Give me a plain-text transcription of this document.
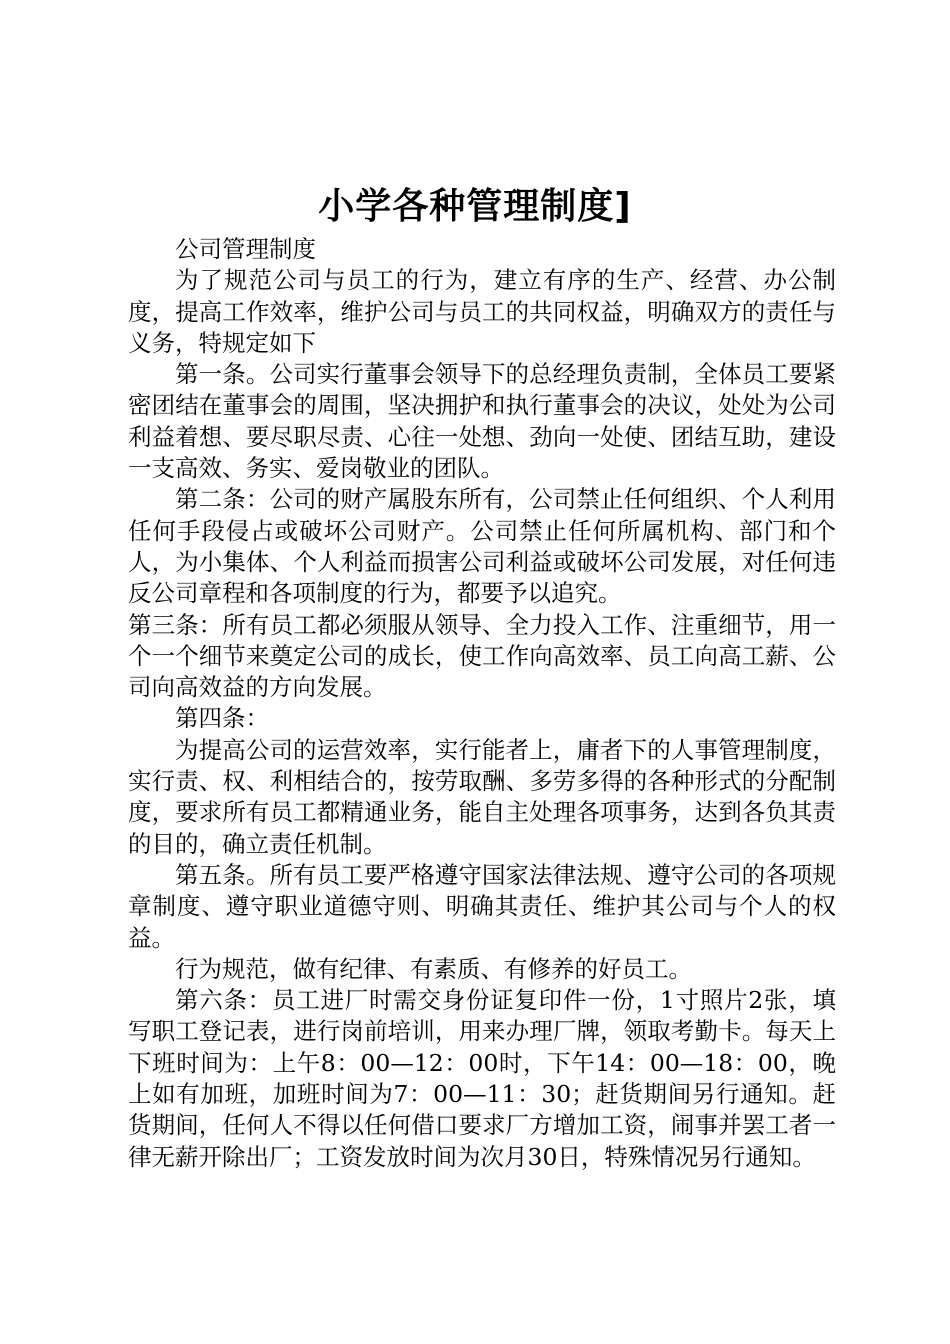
小学各种管理制度]

公司管理制度

为了规范公司与员工的行为，建立有序的生产、经营、办公制度，提高工作效率，维护公司与员工的共同权益，明确双方的责任与义务，特规定如下

第一条。公司实行董事会领导下的总经理负责制，全体员工要紧密团结在董事会的周围，坚决拥护和执行董事会的决议，处处为公司利益着想、要尽职尽责、心往一处想、劲向一处使、团结互助，建设一支高效、务实、爱岗敬业的团队。

第二条：公司的财产属股东所有，公司禁止任何组织、个人利用任何手段侵占或破坏公司财产。公司禁止任何所属机构、部门和个人，为小集体、个人利益而损害公司利益或破坏公司发展，对任何违反公司章程和各项制度的行为，都要予以追究。

第三条：所有员工都必须服从领导、全力投入工作、注重细节，用一个一个细节来奠定公司的成长，使工作向高效率、员工向高工薪、公司向高效益的方向发展。

第四条：

为提高公司的运营效率，实行能者上，庸者下的人事管理制度，实行责、权、利相结合的，按劳取酬、多劳多得的各种形式的分配制度，要求所有员工都精通业务，能自主处理各项事务，达到各负其责的目的，确立责任机制。

第五条。所有员工要严格遵守国家法律法规、遵守公司的各项规章制度、遵守职业道德守则、明确其责任、维护其公司与个人的权益。

行为规范，做有纪律、有素质、有修养的好员工。

第六条：员工进厂时需交身份证复印件一份，1寸照片2张，填写职工登记表，进行岗前培训，用来办理厂牌，领取考勤卡。每天上下班时间为：上午8：00—12：00时，下午14：00—18：00，晚上如有加班，加班时间为7：00—11：30；赶货期间另行通知。赶货期间，任何人不得以任何借口要求厂方增加工资，闹事并罢工者一律无薪开除出厂；工资发放时间为次月30日，特殊情况另行通知。
